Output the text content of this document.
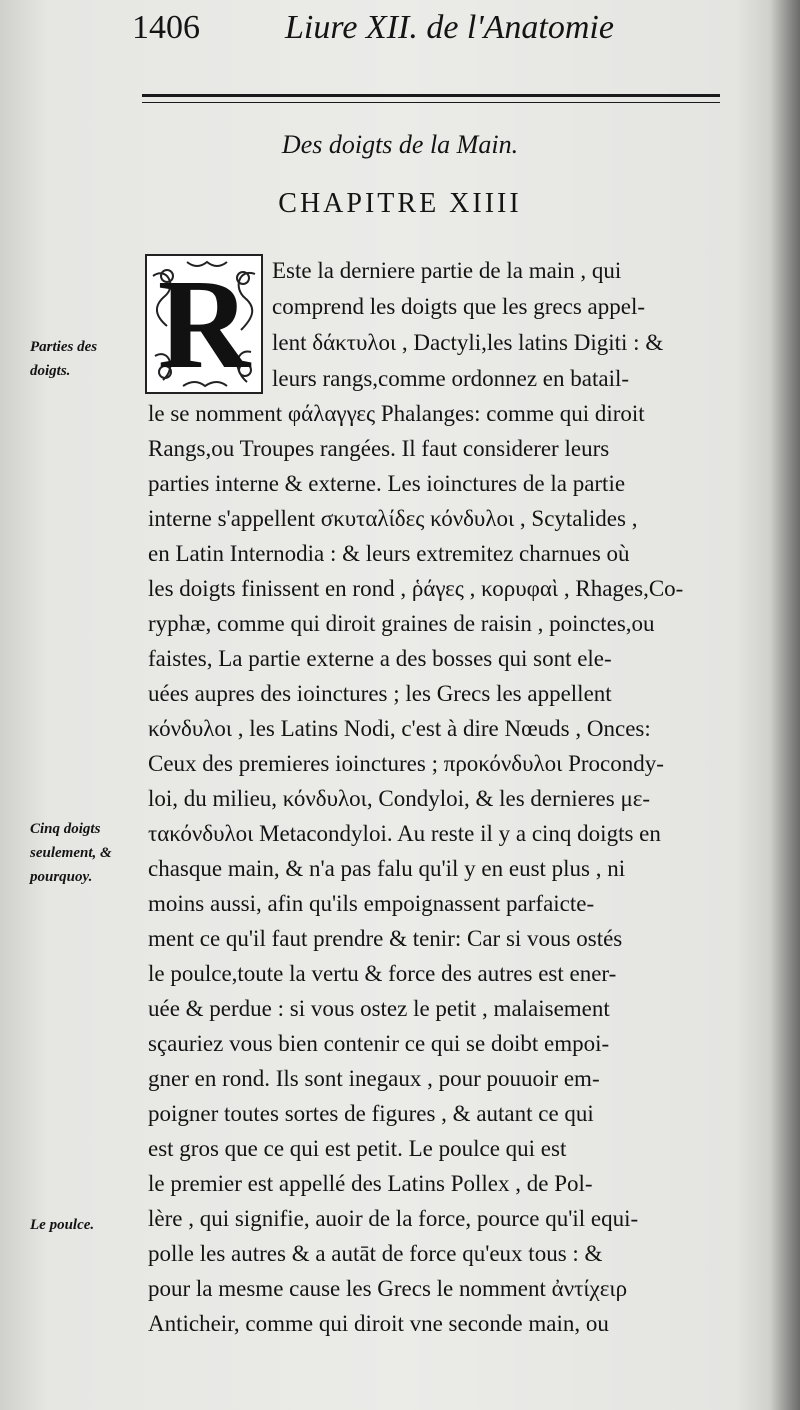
1406	Liure XII. de l'Anatomie
Des doigts de la Main.
CHAPITRE XIIII
R Este la derniere partie de la main , qui
comprend les doigts que les grecs appel-
lent δάκτυλοι , Dactyli,les latins Digiti : &
leurs rangs,comme ordonnez en batail-
le se nomment φάλαγγες Phalanges: comme qui diroit
Rangs,ou Troupes rangées. Il faut considerer leurs
parties interne & externe. Les ioinctures de la partie
interne s'appellent σκυταλίδες κόνδυλοι , Scytalides ,
en Latin Internodia : & leurs extremitez charnues où
les doigts finissent en rond , ῥάγες , κορυφαὶ , Rhages,Co-
ryphæ, comme qui diroit graines de raisin , poinctes,ou
faistes, La partie externe a des bosses qui sont ele-
uées aupres des ioinctures ; les Grecs les appellent
κόνδυλοι , les Latins Nodi, c'est à dire Nœuds , Onces:
Ceux des premieres ioinctures ; προκόνδυλοι Procondy-
loi, du milieu, κόνδυλοι, Condyloi, & les dernieres με-
τακόνδυλοι Metacondyloi. Au reste il y a cinq doigts en
chasque main, & n'a pas falu qu'il y en eust plus , ni
moins aussi, afin qu'ils empoignassent parfaicte-
ment ce qu'il faut prendre & tenir: Car si vous ostés
le poulce,toute la vertu & force des autres est ener-
uée & perdue : si vous ostez le petit , malaisement
sçauriez vous bien contenir ce qui se doibt empoi-
gner en rond. Ils sont inegaux , pour pouuoir em-
poigner toutes sortes de figures , & autant ce qui
est gros que ce qui est petit. Le poulce qui est
le premier est appellé des Latins Pollex , de Pol-
lère , qui signifie, auoir de la force, pource qu'il equi-
polle les autres & a autāt de force qu'eux tous : &
pour la mesme cause les Grecs le nomment ἀντίχειρ
Anticheir, comme qui diroit vne seconde main, ou
Parties des
doigts.
Cinq doigts
seulement, &
pourquoy.
Le poulce.
